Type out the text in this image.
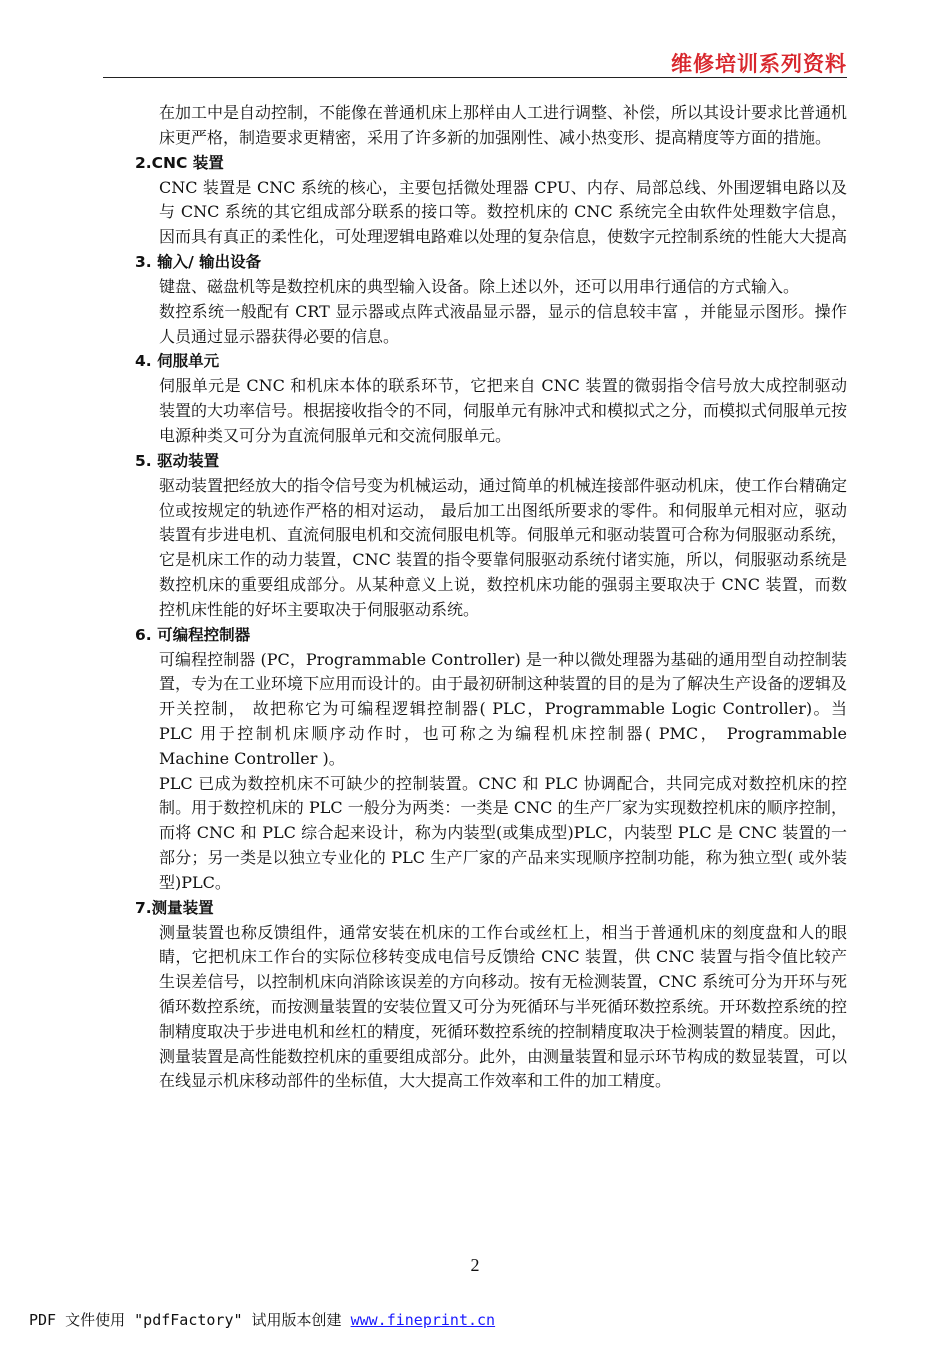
维修培训系列资料

在加工中是自动控制，不能像在普通机床上那样由人工进行调整、补偿，所以其设计要求比普通机床更严格，制造要求更精密，采用了许多新的加强刚性、减小热变形、提高精度等方面的措施。

2.CNC 装置

CNC 装置是 CNC 系统的核心，主要包括微处理器 CPU、内存、局部总线、外围逻辑电路以及与 CNC 系统的其它组成部分联系的接口等。数控机床的 CNC 系统完全由软件处理数字信息，因而具有真正的柔性化，可处理逻辑电路难以处理的复杂信息，使数字元控制系统的性能大大提高

3. 输入/ 输出设备

键盘、磁盘机等是数控机床的典型输入设备。除上述以外，还可以用串行通信的方式输入。

数控系统一般配有 CRT 显示器或点阵式液晶显示器，显示的信息较丰富 ，并能显示图形。操作人员通过显示器获得必要的信息。

4. 伺服单元

伺服单元是 CNC 和机床本体的联系环节，它把来自 CNC 装置的微弱指令信号放大成控制驱动装置的大功率信号。根据接收指令的不同，伺服单元有脉冲式和模拟式之分，而模拟式伺服单元按电源种类又可分为直流伺服单元和交流伺服单元。

5. 驱动装置

驱动装置把经放大的指令信号变为机械运动，通过简单的机械连接部件驱动机床，使工作台精确定位或按规定的轨迹作严格的相对运动， 最后加工出图纸所要求的零件。和伺服单元相对应，驱动装置有步进电机、直流伺服电机和交流伺服电机等。伺服单元和驱动装置可合称为伺服驱动系统，它是机床工作的动力装置，CNC 装置的指令要靠伺服驱动系统付诸实施，所以，伺服驱动系统是数控机床的重要组成部分。从某种意义上说，数控机床功能的强弱主要取决于 CNC 装置，而数控机床性能的好坏主要取决于伺服驱动系统。

6. 可编程控制器

可编程控制器 (PC，Programmable Controller) 是一种以微处理器为基础的通用型自动控制装置，专为在工业环境下应用而设计的。由于最初研制这种装置的目的是为了解决生产设备的逻辑及开关控制， 故把称它为可编程逻辑控制器( PLC，Programmable Logic Controller)。当 PLC 用于控制机床顺序动作时，也可称之为编程机床控制器( PMC， Programmable Machine Controller )。

PLC 已成为数控机床不可缺少的控制装置。CNC 和 PLC 协调配合，共同完成对数控机床的控制。用于数控机床的 PLC 一般分为两类：一类是 CNC 的生产厂家为实现数控机床的顺序控制，而将 CNC 和 PLC 综合起来设计，称为内装型(或集成型)PLC，内装型 PLC 是 CNC 装置的一部分；另一类是以独立专业化的 PLC 生产厂家的产品来实现顺序控制功能，称为独立型( 或外装型)PLC。

7.测量装置

测量装置也称反馈组件，通常安装在机床的工作台或丝杠上，相当于普通机床的刻度盘和人的眼睛，它把机床工作台的实际位移转变成电信号反馈给 CNC 装置，供 CNC 装置与指令值比较产生误差信号，以控制机床向消除该误差的方向移动。按有无检测装置，CNC 系统可分为开环与死循环数控系统，而按测量装置的安装位置又可分为死循环与半死循环数控系统。开环数控系统的控制精度取决于步进电机和丝杠的精度，死循环数控系统的控制精度取决于检测装置的精度。因此，测量装置是高性能数控机床的重要组成部分。此外，由测量装置和显示环节构成的数显装置，可以在线显示机床移动部件的坐标值，大大提高工作效率和工件的加工精度。

2
PDF 文件使用 "pdfFactory" 试用版本创建 www.fineprint.cn
